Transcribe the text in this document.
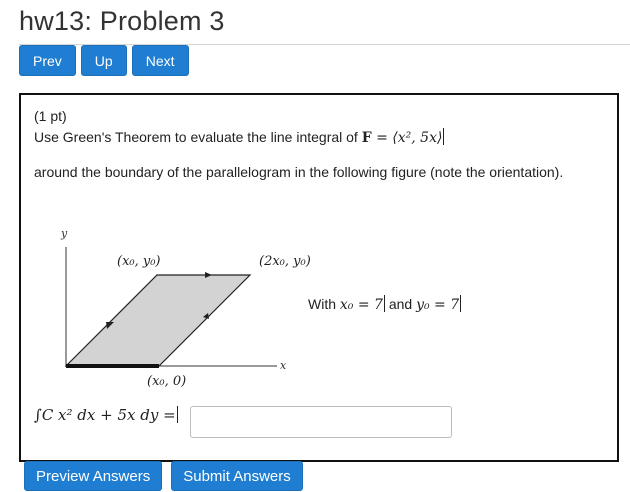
hw13: Problem 3
Prev	Up	Next
(1 pt)
Use Green's Theorem to evaluate the line integral of F = ⟨x², 5x⟩
around the boundary of the parallelogram in the following figure (note the orientation).
y
x
(x₀, y₀)	(2x₀, y₀)
(x₀, 0)
With x₀ = 7 and y₀ = 7
∫C x² dx + 5x dy =
Preview Answers	Submit Answers
